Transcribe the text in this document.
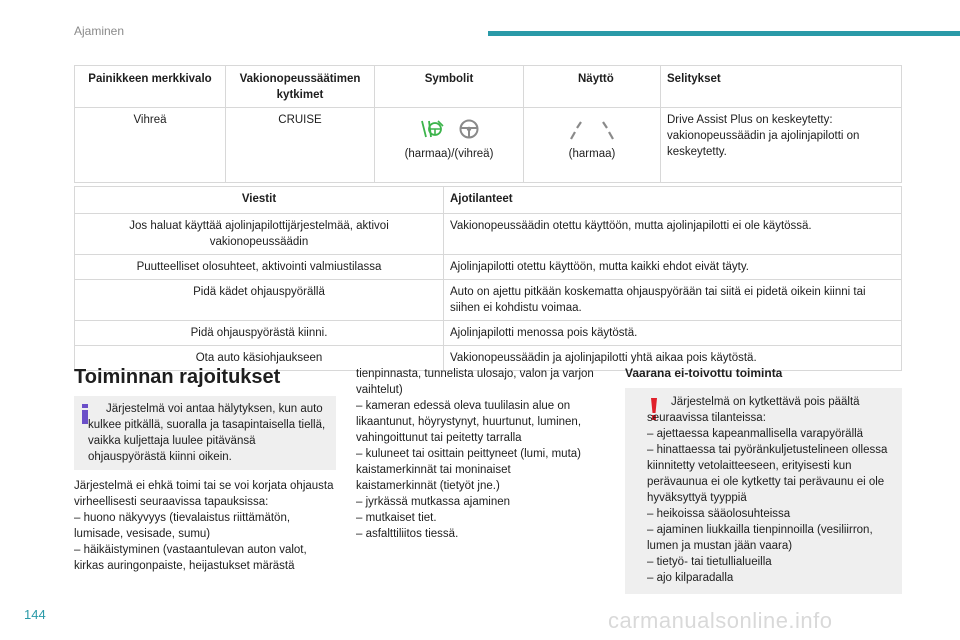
Ajaminen
Painikkeen merkkivalo	Vakionopeussäätimen kytkimet	Symbolit	Näyttö	Selitykset
Vihreä	CRUISE	(harmaa)/(vihreä)	(harmaa)	Drive Assist Plus on keskeytetty: vakionopeussäädin ja ajolinjapilotti on keskeytetty.
Viestit	Ajotilanteet
Jos haluat käyttää ajolinjapilottijärjestelmää, aktivoi vakionopeussäädin	Vakionopeussäädin otettu käyttöön, mutta ajolinjapilotti ei ole käytössä.
Puutteelliset olosuhteet, aktivointi valmiustilassa	Ajolinjapilotti otettu käyttöön, mutta kaikki ehdot eivät täyty.
Pidä kädet ohjauspyörällä	Auto on ajettu pitkään koskematta ohjauspyörään tai siitä ei pidetä oikein kiinni tai siihen ei kohdistu voimaa.
Pidä ohjauspyörästä kiinni.	Ajolinjapilotti menossa pois käytöstä.
Ota auto käsiohjaukseen	Vakionopeussäädin ja ajolinjapilotti yhtä aikaa pois käytöstä.
Toiminnan rajoitukset
Järjestelmä voi antaa hälytyksen, kun auto kulkee pitkällä, suoralla ja tasapintaisella tiellä, vaikka kuljettaja luulee pitävänsä ohjauspyörästä kiinni oikein.
Järjestelmä ei ehkä toimi tai se voi korjata ohjausta virheellisesti seuraavissa tapauksissa:
– huono näkyvyys (tievalaistus riittämätön, lumisade, vesisade, sumu)
– häikäistyminen (vastaantulevan auton valot, kirkas auringonpaiste, heijastukset märästä
tienpinnasta, tunnelista ulosajo, valon ja varjon vaihtelut)
– kameran edessä oleva tuulilasin alue on likaantunut, höyrystynyt, huurtunut, luminen, vahingoittunut tai peitetty tarralla
– kuluneet tai osittain peittyneet (lumi, muta) kaistamerkinnät tai moninaiset kaistamerkinnät (tietyöt jne.)
– jyrkässä mutkassa ajaminen
– mutkaiset tiet.
– asfalttiliitos tiessä.
Vaarana ei-toivottu toiminta
Järjestelmä on kytkettävä pois päältä seuraavissa tilanteissa:
– ajettaessa kapeanmallisella varapyörällä
– hinattaessa tai pyöränkuljetustelineen ollessa kiinnitetty vetolaitteeseen, erityisesti kun perävaunua ei ole kytketty tai perävaunu ei ole hyväksyttyä tyyppiä
– heikoissa sääolosuhteissa
– ajaminen liukkailla tienpinnoilla (vesiliirron, lumen ja mustan jään vaara)
– tietyö- tai tietullialueilla
– ajo kilparadalla
144	carmanualsonline.info
